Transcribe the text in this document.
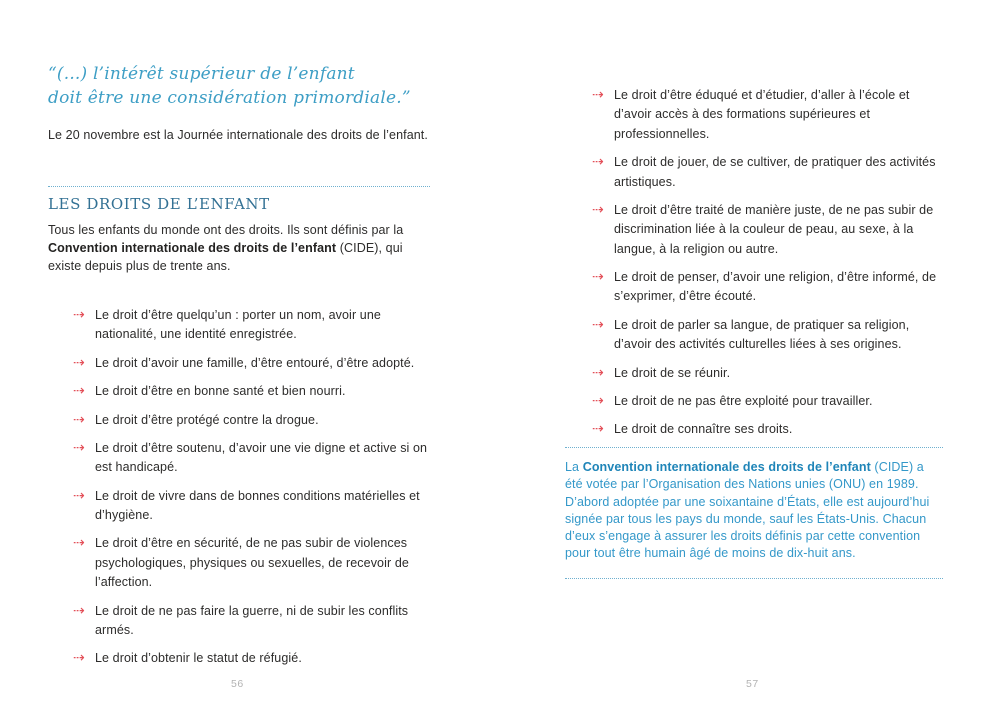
“(...) l’intérêt supérieur de l’enfant
doit être une considération primordiale.”

Le 20 novembre est la Journée internationale des droits de l’enfant.

LES DROITS DE L’ENFANT

Tous les enfants du monde ont des droits. Ils sont définis par la Convention internationale des droits de l’enfant (CIDE), qui existe depuis plus de trente ans.

⇢ Le droit d’être quelqu’un : porter un nom, avoir une nationalité, une identité enregistrée.
⇢ Le droit d’avoir une famille, d’être entouré, d’être adopté.
⇢ Le droit d’être en bonne santé et bien nourri.
⇢ Le droit d’être protégé contre la drogue.
⇢ Le droit d’être soutenu, d’avoir une vie digne et active si on est handicapé.
⇢ Le droit de vivre dans de bonnes conditions matérielles et d’hygiène.
⇢ Le droit d’être en sécurité, de ne pas subir de violences psychologiques, physiques ou sexuelles, de recevoir de l’affection.
⇢ Le droit de ne pas faire la guerre, ni de subir les conflits armés.
⇢ Le droit d’obtenir le statut de réfugié.
⇢ Le droit d’être éduqué et d’étudier, d’aller à l’école et d’avoir accès à des formations supérieures et professionnelles.
⇢ Le droit de jouer, de se cultiver, de pratiquer des activités artistiques.
⇢ Le droit d’être traité de manière juste, de ne pas subir de discrimination liée à la couleur de peau, au sexe, à la langue, à la religion ou autre.
⇢ Le droit de penser, d’avoir une religion, d’être informé, de s’exprimer, d’être écouté.
⇢ Le droit de parler sa langue, de pratiquer sa religion, d’avoir des activités culturelles liées à ses origines.
⇢ Le droit de se réunir.
⇢ Le droit de ne pas être exploité pour travailler.
⇢ Le droit de connaître ses droits.

La Convention internationale des droits de l’enfant (CIDE) a été votée par l’Organisation des Nations unies (ONU) en 1989. D’abord adoptée par une soixantaine d’États, elle est aujourd’hui signée par tous les pays du monde, sauf les États-Unis. Chacun d’eux s’engage à assurer les droits définis par cette convention pour tout être humain âgé de moins de dix-huit ans.

56	57
